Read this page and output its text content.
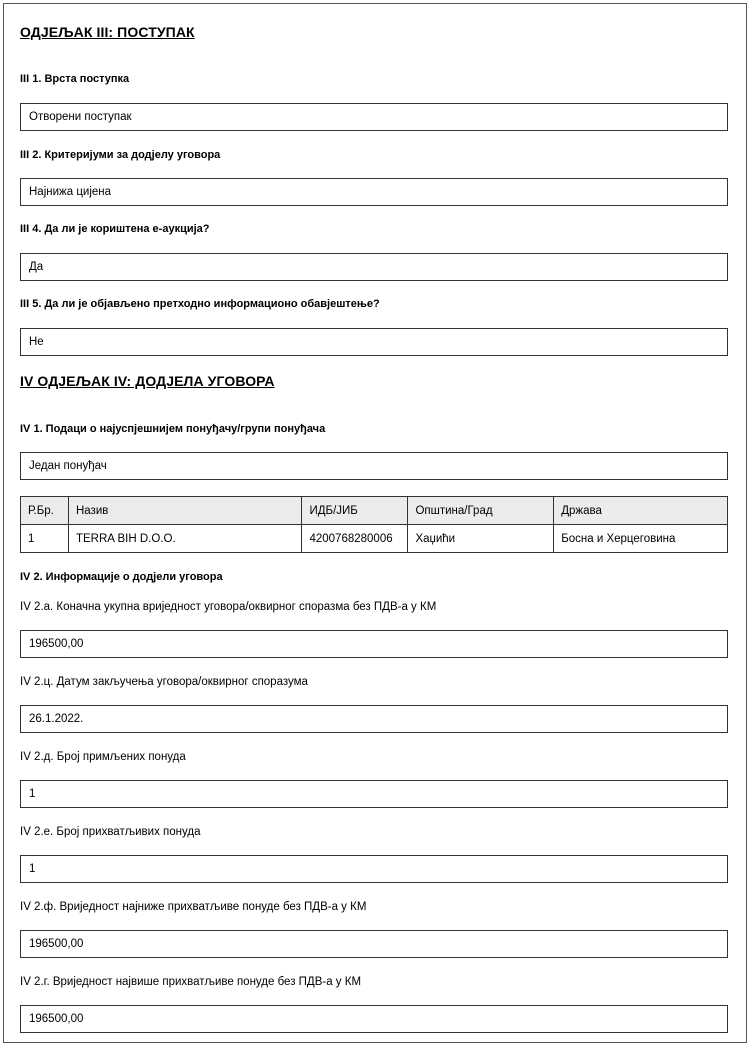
ОДЈЕЉАК III: ПОСТУПАК
III 1. Врста поступка
Отворени поступак
III 2. Критеријуми за додјелу уговора
Најнижа цијена
III 4. Да ли је кориштена е-аукција?
Да
III 5. Да ли је објављено претходно информационо обавјештење?
Не
IV ОДЈЕЉАК IV: ДОДЈЕЛА УГОВОРА
IV 1. Подаци о најуспјешнијем понуђачу/групи понуђача
Један понуђач
Р.Бр.	Назив	ИДБ/ЈИБ	Општина/Град	Држава
1	TERRA BIH D.O.O.	4200768280006	Хаџићи	Босна и Херцеговина
IV 2. Информације о додјели уговора
IV 2.а. Коначна укупна вриједност уговора/оквирног споразма без ПДВ-а у КМ
196500,00
IV 2.ц. Датум закључења уговора/оквирног споразума
26.1.2022.
IV 2.д. Број примљених понуда
1
IV 2.е. Број прихватљивих понуда
1
IV 2.ф. Вриједност најниже прихватљиве понуде без ПДВ-а у КМ
196500,00
IV 2.г. Вриједност највише прихватљиве понуде без ПДВ-а у КМ
196500,00
